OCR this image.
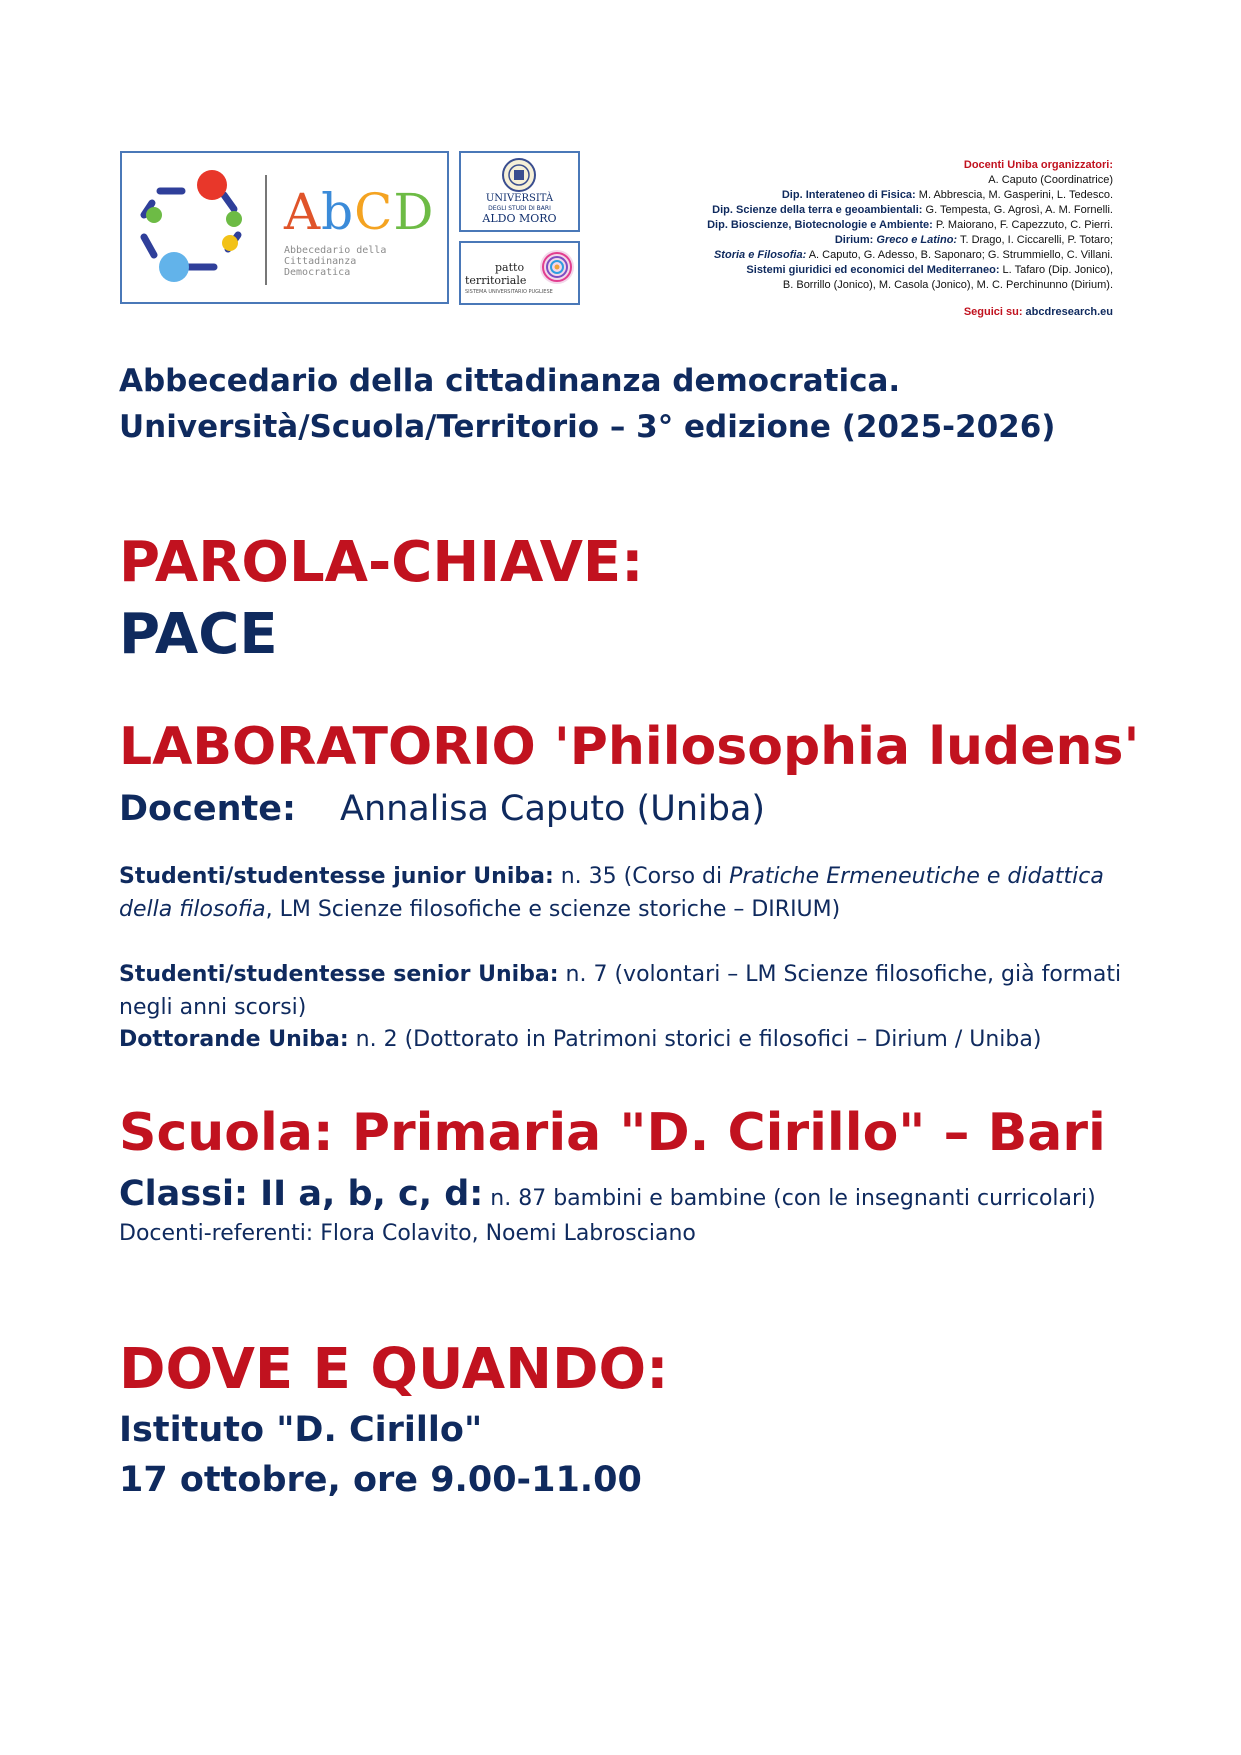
AbCD
Abbecedario della
Cittadinanza
Democratica
UNIVERSITÀ
DEGLI STUDI DI BARI
ALDO MORO
patto
territoriale
SISTEMA UNIVERSITARIO PUGLIESE
Docenti Uniba organizzatori:
A. Caputo (Coordinatrice)
Dip. Interateneo di Fisica: M. Abbrescia, M. Gasperini, L. Tedesco.
Dip. Scienze della terra e geoambientali: G. Tempesta, G. Agrosì, A. M. Fornelli.
Dip. Bioscienze, Biotecnologie e Ambiente: P. Maiorano, F. Capezzuto, C. Pierri.
Dirium: Greco e Latino: T. Drago, I. Ciccarelli, P. Totaro;
Storia e Filosofia: A. Caputo, G. Adesso, B. Saponaro; G. Strummiello, C. Villani.
Sistemi giuridici ed economici del Mediterraneo: L. Tafaro (Dip. Jonico),
B. Borrillo (Jonico), M. Casola (Jonico), M. C. Perchinunno (Dirium).
Seguici su: abcdresearch.eu
Abbecedario della cittadinanza democratica.
Università/Scuola/Territorio – 3° edizione (2025-2026)
PAROLA-CHIAVE:
PACE
LABORATORIO 'Philosophia ludens'
Docente: Annalisa Caputo (Uniba)
Studenti/studentesse junior Uniba: n. 35 (Corso di Pratiche Ermeneutiche e didattica della filosofia, LM Scienze filosofiche e scienze storiche – DIRIUM)
Studenti/studentesse senior Uniba: n. 7 (volontari – LM Scienze filosofiche, già formati negli anni scorsi)
Dottorande Uniba: n. 2 (Dottorato in Patrimoni storici e filosofici – Dirium / Uniba)
Scuola: Primaria "D. Cirillo" – Bari
Classi: II a, b, c, d: n. 87 bambini e bambine (con le insegnanti curricolari)
Docenti-referenti: Flora Colavito, Noemi Labrosciano
DOVE E QUANDO:
Istituto "D. Cirillo"
17 ottobre, ore 9.00-11.00
